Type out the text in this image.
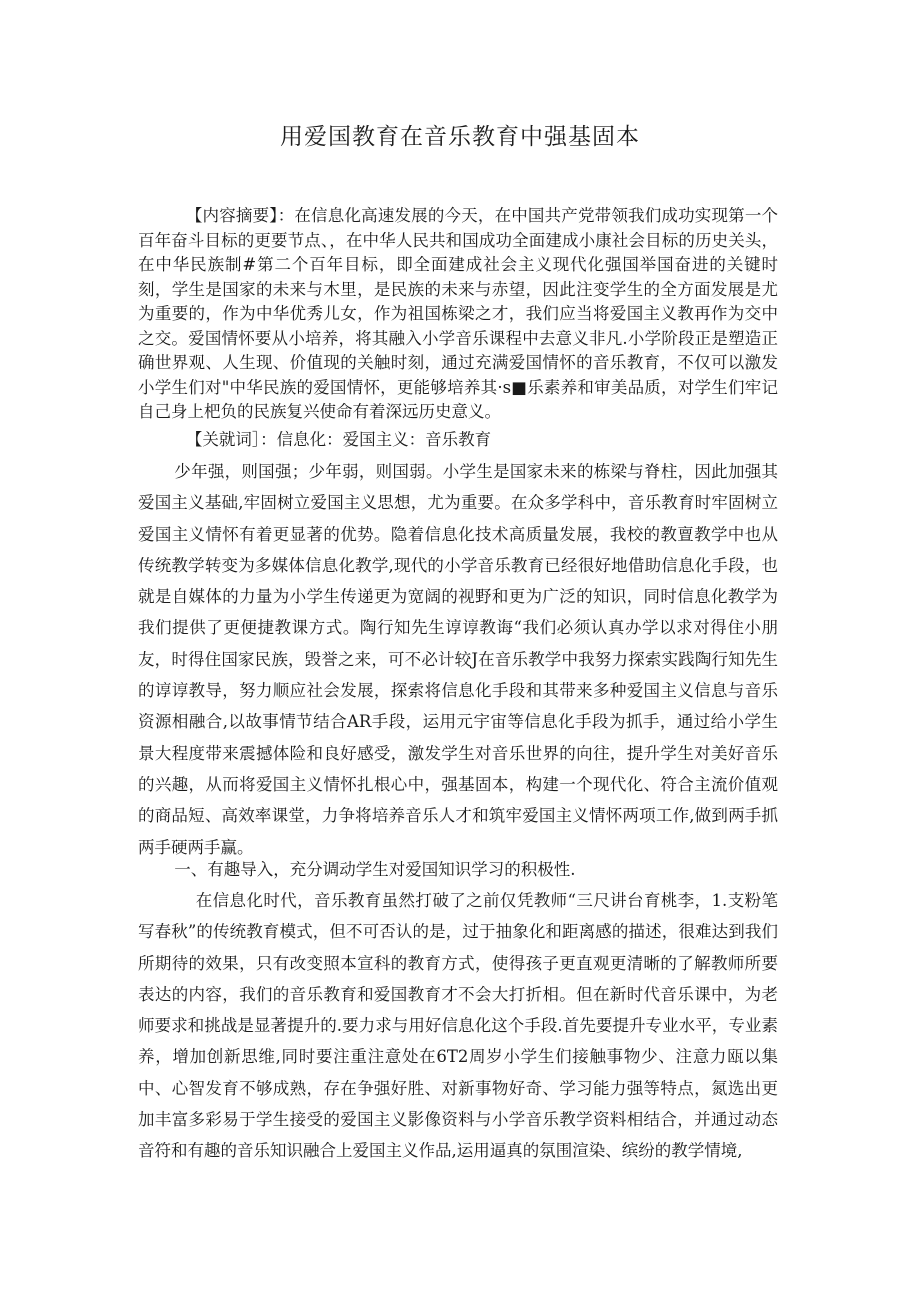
用爱国教育在音乐教育中强基固本

【内容摘要】：在信息化高速发展的今天，在中国共产党带领我们成功实现第一个百年奋斗目标的更要节点、，在中华人民共和国成功全面建成小康社会目标的历史关头，在中华民族制#第二个百年目标，即全面建成社会主义现代化强国举国奋进的关键时刻，学生是国家的未来与木里，是民族的未来与赤望，因此注变学生的全方面发展是尤为重要的，作为中华优秀儿女，作为祖国栋梁之才，我们应当将爱国主义教再作为交中之交。爱国情怀要从小培养，将其融入小学音乐课程中去意义非凡.小学阶段正是塑造正确世界观、人生现、价值现的关触时刻，通过充满爱国情怀的音乐教育，不仅可以激发小学生们对"中华民族的爱国情怀，更能够培养其·s■乐素养和审美品质，对学生们牢记自己身上杷负的民族复兴使命有着深远历史意义。

【关就词］：信息化：爱国主义：音乐教育

少年强，则国强；少年弱，则国弱。小学生是国家未来的栋梁与脊柱，因此加强其爱国主义基础,牢固树立爱国主义思想，尤为重要。在众多学科中，音乐教育时牢固树立爱国主义情怀有着更显著的优势。隐着信息化技术高质量发展，我校的教亶教学中也从传统教学转变为多媒体信息化教学,现代的小学音乐教育已经很好地借助信息化手段，也就是自媒体的力量为小学生传递更为宽阔的视野和更为广泛的知识，同时信息化教学为我们提供了更便捷教课方式。陶行知先生谆谆教诲“我们必须认真办学以求对得住小朋友，时得住国家民族，毁誉之来，可不必计较J在音乐教学中我努力探索实践陶行知先生的谆谆教导，努力顺应社会发展，探索将信息化手段和其带来多种爱国主义信息与音乐资源相融合,以故事情节结合AR手段，运用元宇宙等信息化手段为抓手，通过给小学生景大程度带来震撼体险和良好感受，激发学生对音乐世界的向往，提升学生对美好音乐的兴趣，从而将爱国主义情怀扎根心中，强基固本，构建一个现代化、符合主流价值观的商品短、高效率课堂，力争将培养音乐人才和筑牢爱国主义情怀两项工作,做到两手抓两手硬两手赢。

一、有趣导入，充分调动学生对爱国知识学习的积极性.

在信息化时代，音乐教育虽然打破了之前仅凭教师“三尺讲台育桃李，1.支粉笔写春秋”的传统教育模式，但不可否认的是，过于抽象化和距离感的描述，很难达到我们所期待的效果，只有改变照本宣科的教育方式，使得孩子更直观更清晰的了解教师所要表达的内容，我们的音乐教育和爱国教育才不会大打折相。但在新时代音乐课中，为老师要求和挑战是显著提升的.要力求与用好信息化这个手段.首先要提升专业水平，专业素养，增加创新思维,同时要注重注意处在6T2周岁小学生们接触事物少、注意力瓯以集中、心智发育不够成熟，存在争强好胜、对新事物好奇、学习能力强等特点，氮选出更加丰富多彩易于学生接受的爱国主义影像资料与小学音乐教学资料相结合，并通过动态音符和有趣的音乐知识融合上爱国主义作品,运用逼真的氛围渲染、缤纷的教学情境,
